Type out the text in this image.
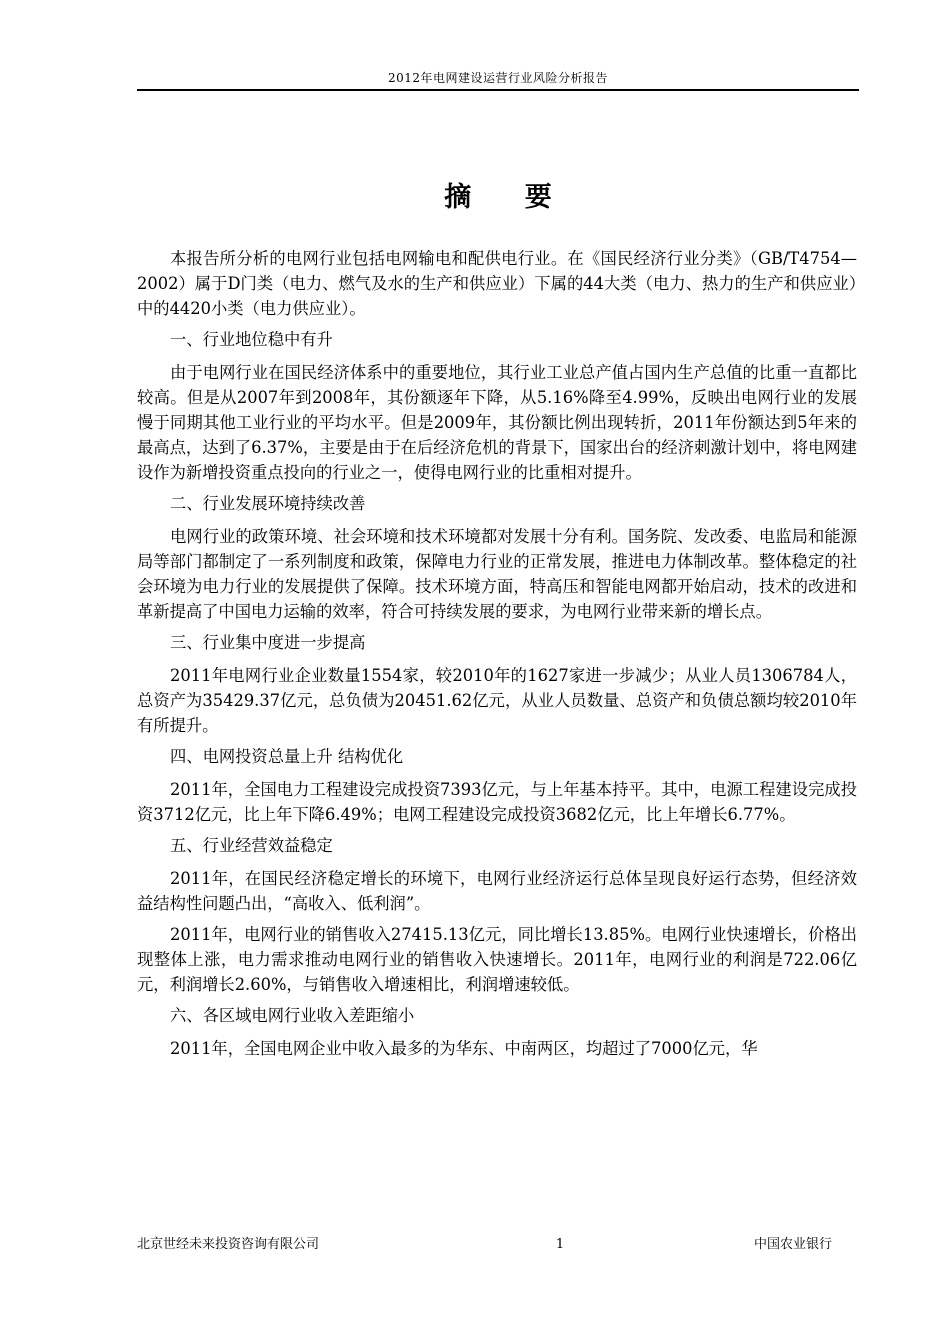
2012年电网建设运营行业风险分析报告
摘 要

本报告所分析的电网行业包括电网输电和配供电行业。在《国民经济行业分类》（GB/T4754—2002）属于D门类（电力、燃气及水的生产和供应业）下属的44大类（电力、热力的生产和供应业）中的4420小类（电力供应业）。

一、行业地位稳中有升

由于电网行业在国民经济体系中的重要地位，其行业工业总产值占国内生产总值的比重一直都比较高。但是从2007年到2008年，其份额逐年下降，从5.16%降至4.99%，反映出电网行业的发展慢于同期其他工业行业的平均水平。但是2009年，其份额比例出现转折，2011年份额达到5年来的最高点，达到了6.37%，主要是由于在后经济危机的背景下，国家出台的经济刺激计划中，将电网建设作为新增投资重点投向的行业之一，使得电网行业的比重相对提升。

二、行业发展环境持续改善

电网行业的政策环境、社会环境和技术环境都对发展十分有利。国务院、发改委、电监局和能源局等部门都制定了一系列制度和政策，保障电力行业的正常发展，推进电力体制改革。整体稳定的社会环境为电力行业的发展提供了保障。技术环境方面，特高压和智能电网都开始启动，技术的改进和革新提高了中国电力运输的效率，符合可持续发展的要求，为电网行业带来新的增长点。

三、行业集中度进一步提高

2011年电网行业企业数量1554家，较2010年的1627家进一步减少；从业人员1306784人，总资产为35429.37亿元，总负债为20451.62亿元，从业人员数量、总资产和负债总额均较2010年有所提升。

四、电网投资总量上升 结构优化

2011年，全国电力工程建设完成投资7393亿元，与上年基本持平。其中，电源工程建设完成投资3712亿元，比上年下降6.49%；电网工程建设完成投资3682亿元，比上年增长6.77%。

五、行业经营效益稳定

2011年，在国民经济稳定增长的环境下，电网行业经济运行总体呈现良好运行态势，但经济效益结构性问题凸出，“高收入、低利润”。

2011年，电网行业的销售收入27415.13亿元，同比增长13.85%。电网行业快速增长，价格出现整体上涨，电力需求推动电网行业的销售收入快速增长。2011年，电网行业的利润是722.06亿元，利润增长2.60%，与销售收入增速相比，利润增速较低。

六、各区域电网行业收入差距缩小

2011年，全国电网企业中收入最多的为华东、中南两区，均超过了7000亿元，华

北京世经未来投资咨询有限公司	1	中国农业银行
